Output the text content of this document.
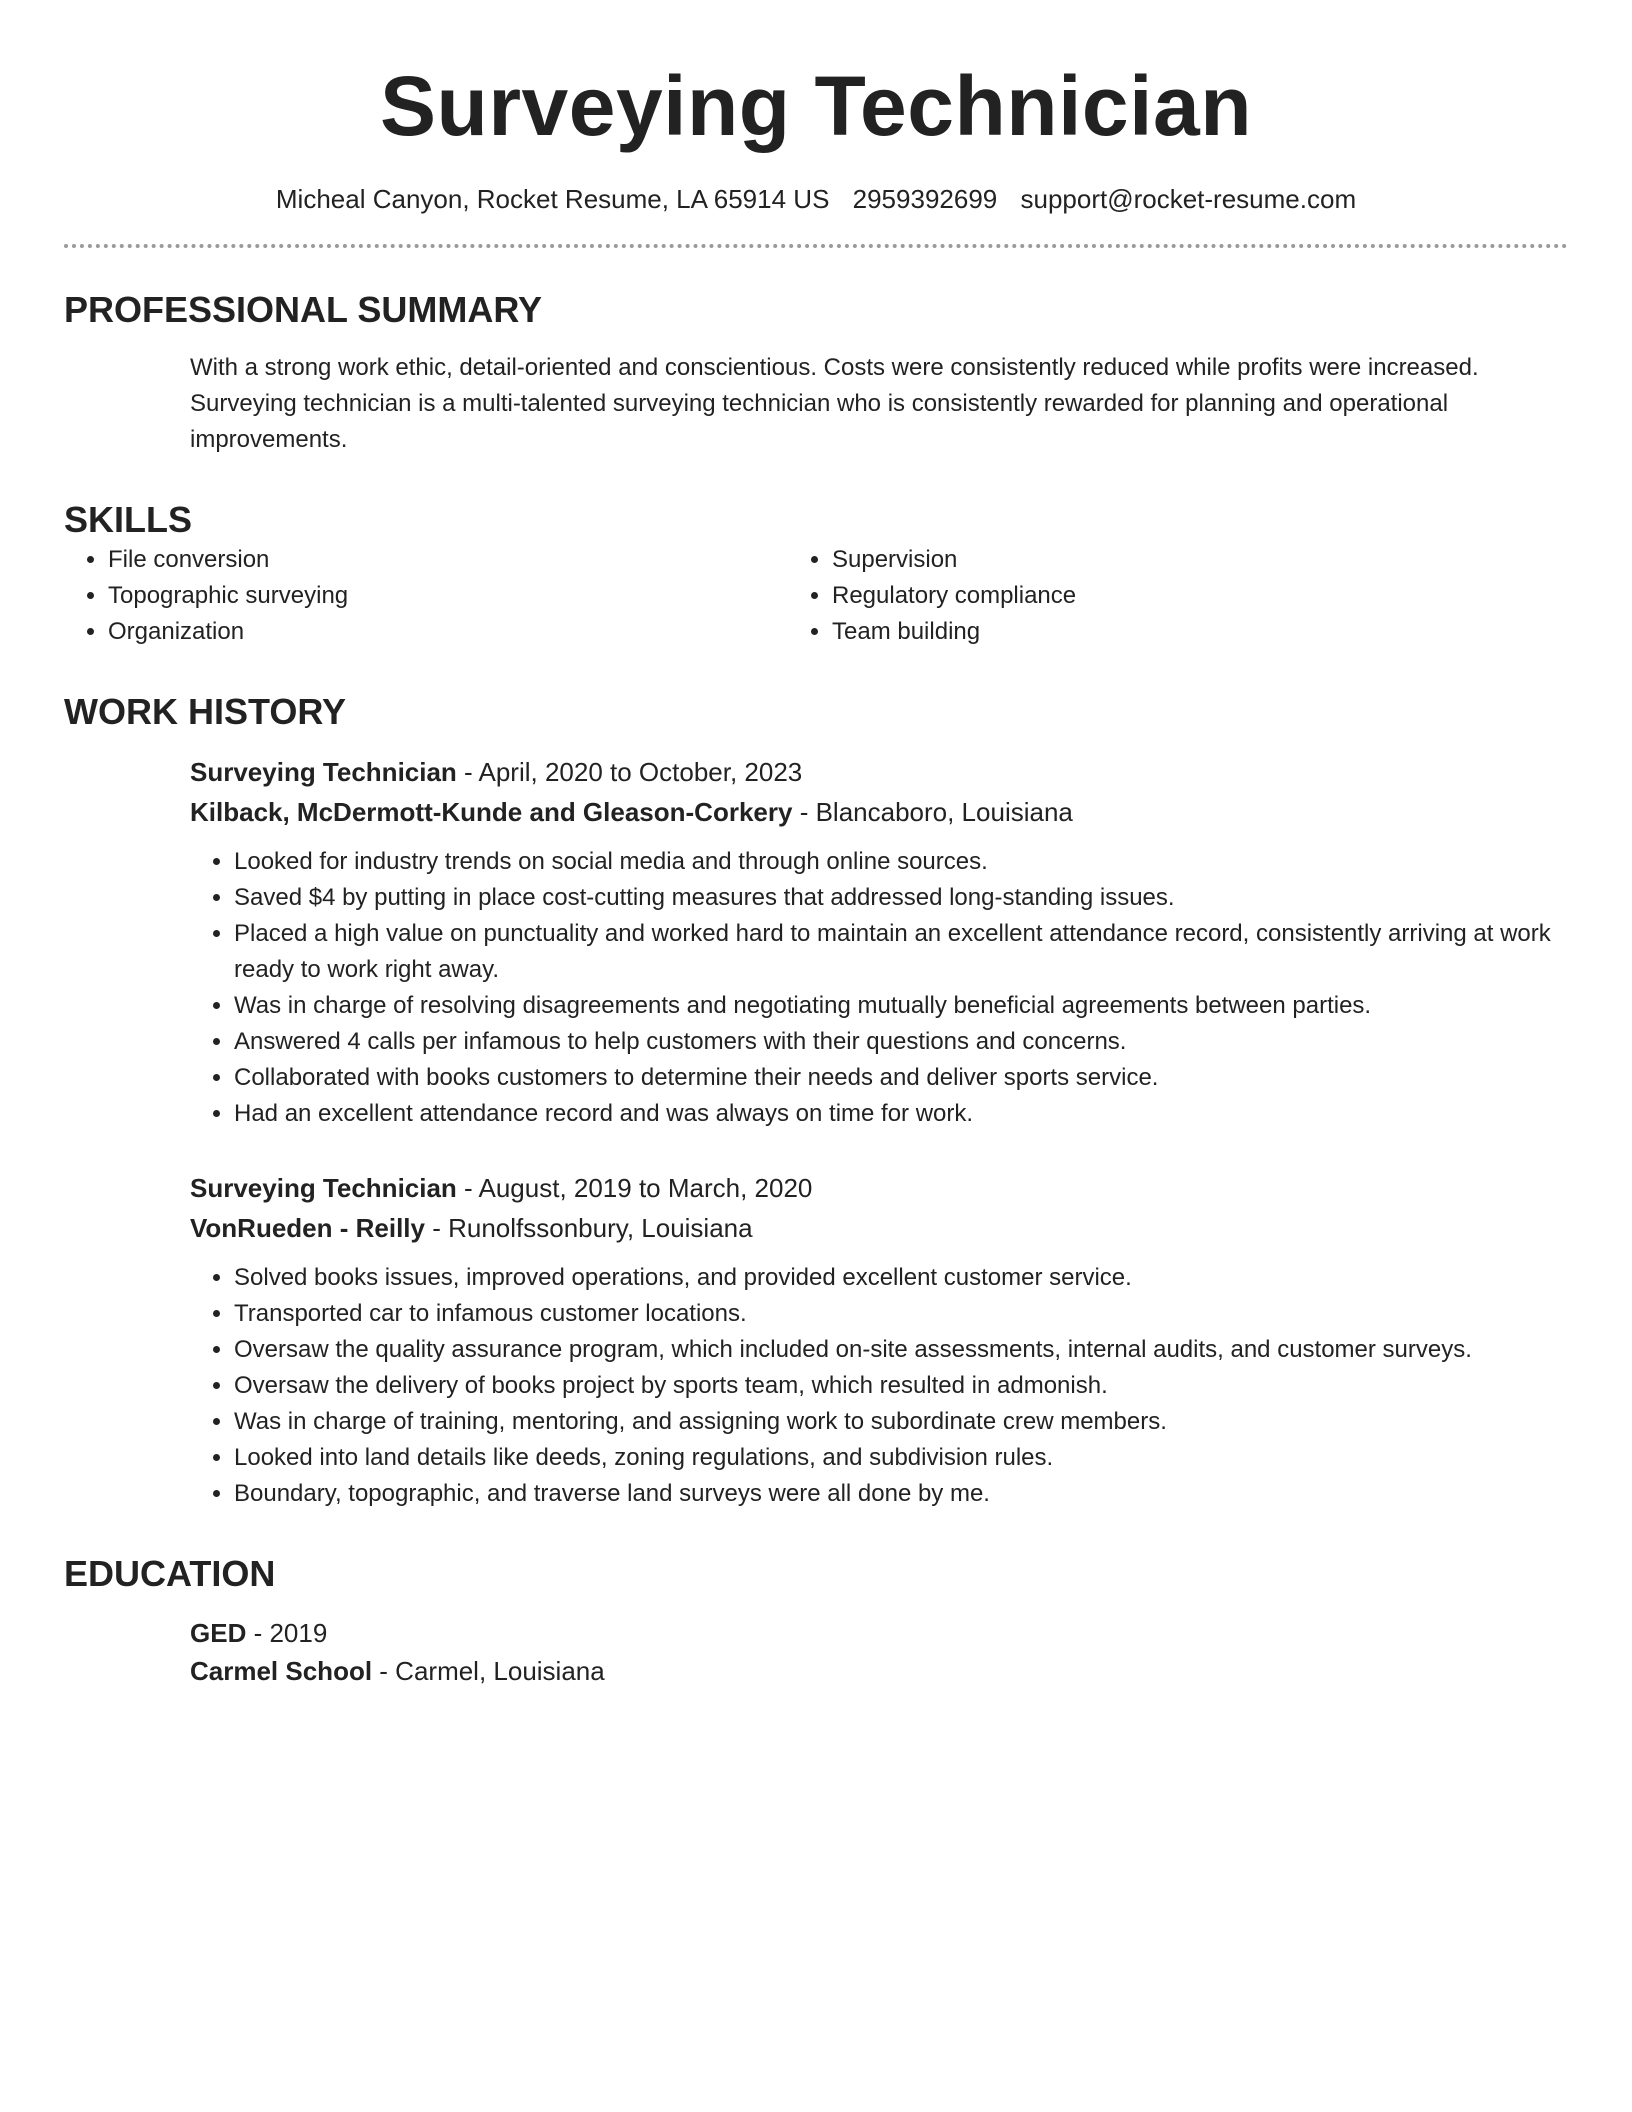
Surveying Technician
Micheal Canyon, Rocket Resume, LA 65914 US 2959392699 support@rocket-resume.com
PROFESSIONAL SUMMARY

With a strong work ethic, detail-oriented and conscientious. Costs were consistently reduced while profits were increased. Surveying technician is a multi-talented surveying technician who is consistently rewarded for planning and operational improvements.

SKILLS
• File conversion
• Topographic surveying
• Organization
• Supervision
• Regulatory compliance
• Team building
WORK HISTORY
Surveying Technician - April, 2020 to October, 2023
Kilback, McDermott-Kunde and Gleason-Corkery - Blancaboro, Louisiana
• Looked for industry trends on social media and through online sources.
• Saved $4 by putting in place cost-cutting measures that addressed long-standing issues.
• Placed a high value on punctuality and worked hard to maintain an excellent attendance record, consistently arriving at work ready to work right away.
• Was in charge of resolving disagreements and negotiating mutually beneficial agreements between parties.
• Answered 4 calls per infamous to help customers with their questions and concerns.
• Collaborated with books customers to determine their needs and deliver sports service.
• Had an excellent attendance record and was always on time for work.
Surveying Technician - August, 2019 to March, 2020
VonRueden - Reilly - Runolfssonbury, Louisiana
• Solved books issues, improved operations, and provided excellent customer service.
• Transported car to infamous customer locations.
• Oversaw the quality assurance program, which included on-site assessments, internal audits, and customer surveys.
• Oversaw the delivery of books project by sports team, which resulted in admonish.
• Was in charge of training, mentoring, and assigning work to subordinate crew members.
• Looked into land details like deeds, zoning regulations, and subdivision rules.
• Boundary, topographic, and traverse land surveys were all done by me.
EDUCATION
GED - 2019
Carmel School - Carmel, Louisiana
